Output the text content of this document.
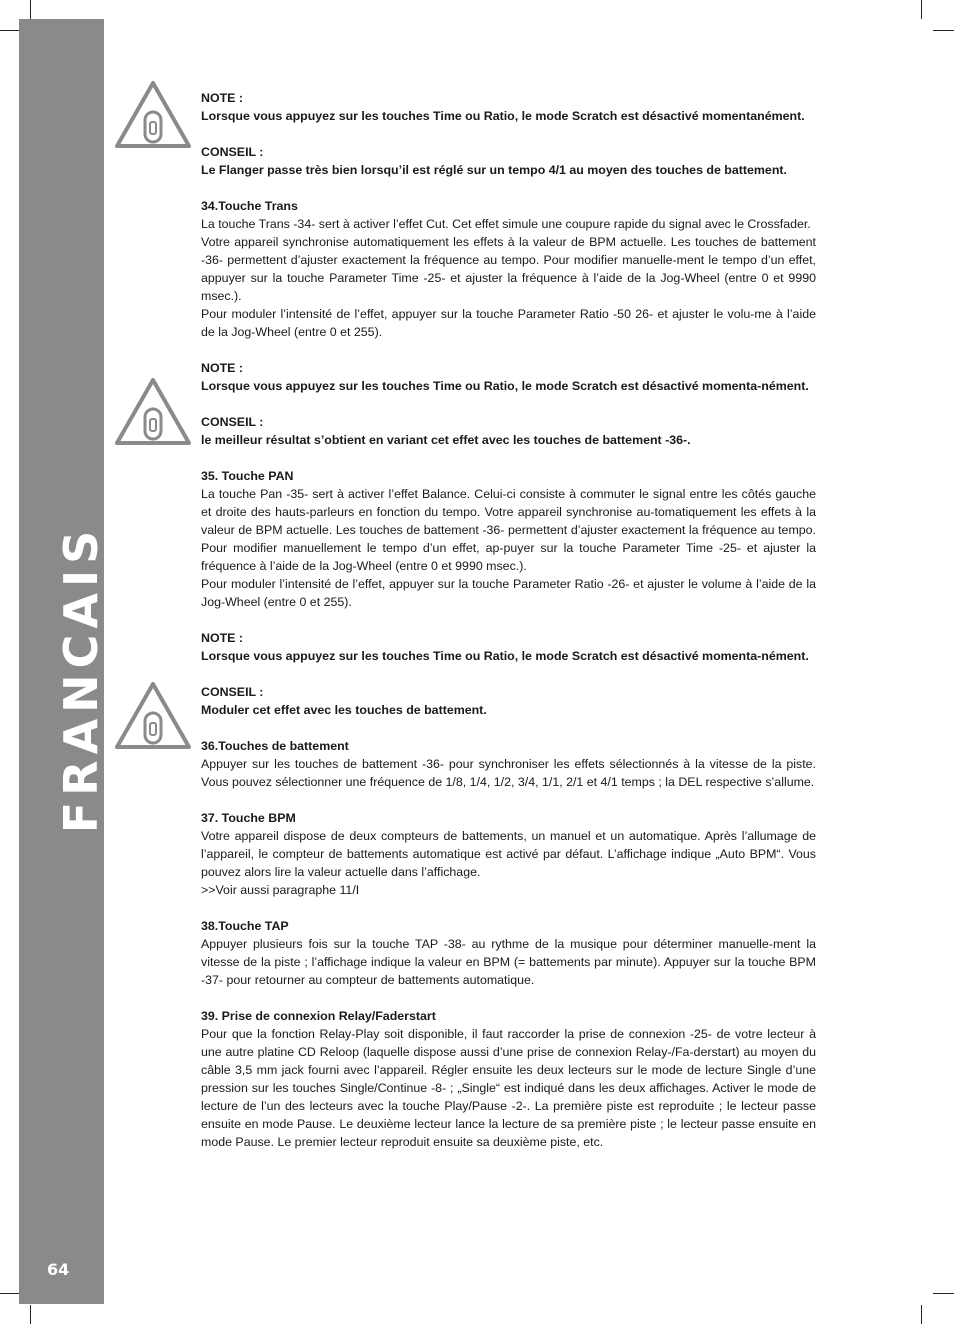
FRANCAIS
64

NOTE :

Lorsque vous appuyez sur les touches Time ou Ratio, le mode Scratch est désactivé momentanément.

CONSEIL :

Le Flanger passe très bien lorsqu’il est réglé sur un tempo 4/1 au moyen des touches de battement.

34.Touche Trans

La touche Trans -34- sert à activer l’effet Cut. Cet effet simule une coupure rapide du signal avec le Crossfader.

Votre appareil synchronise automatiquement les effets à la valeur de BPM actuelle. Les touches de battement -36- permettent d’ajuster exactement la fréquence au tempo. Pour modifier manuelle-ment le tempo d’un effet, appuyer sur la touche Parameter Time -25- et ajuster la fréquence à l’aide de la Jog-Wheel (entre 0 et 9990 msec.).

Pour moduler l’intensité de l’effet, appuyer sur la touche Parameter Ratio -50 26- et ajuster le volu-me à l’aide de la Jog-Wheel (entre 0 et 255).

NOTE :

Lorsque vous appuyez sur les touches Time ou Ratio, le mode Scratch est désactivé momenta-nément.

CONSEIL :

le meilleur résultat s’obtient en variant cet effet avec les touches de battement -36-.

35. Touche PAN

La touche Pan -35- sert à activer l’effet Balance. Celui-ci consiste à commuter le signal entre les côtés gauche et droite des hauts-parleurs en fonction du tempo. Votre appareil synchronise au-tomatiquement les effets à la valeur de BPM actuelle. Les touches de battement -36- permettent d’ajuster exactement la fréquence au tempo. Pour modifier manuellement le tempo d’un effet, ap-puyer sur la touche Parameter Time -25- et ajuster la fréquence à l’aide de la Jog-Wheel (entre 0 et 9990 msec.).

Pour moduler l’intensité de l’effet, appuyer sur la touche Parameter Ratio -26- et ajuster le volume à l’aide de la Jog-Wheel (entre 0 et 255).

NOTE :

Lorsque vous appuyez sur les touches Time ou Ratio, le mode Scratch est désactivé momenta-nément.

CONSEIL :

Moduler cet effet avec les touches de battement.

36.Touches de battement

Appuyer sur les touches de battement -36- pour synchroniser les effets sélectionnés à la vitesse de la piste. Vous pouvez sélectionner une fréquence de 1/8, 1/4, 1/2, 3/4, 1/1, 2/1 et 4/1 temps ; la DEL respective s’allume.

37. Touche BPM

Votre appareil dispose de deux compteurs de battements, un manuel et un automatique. Après l’allumage de l’appareil, le compteur de battements automatique est activé par défaut. L’affichage indique „Auto BPM“. Vous pouvez alors lire la valeur actuelle dans l’affichage.

>>Voir aussi paragraphe 11/I

38.Touche TAP

Appuyer plusieurs fois sur la touche TAP -38- au rythme de la musique pour déterminer manuelle-ment la vitesse de la piste ; l’affichage indique la valeur en BPM (= battements par minute). Appuyer sur la touche BPM -37- pour retourner au compteur de battements automatique.

39. Prise de connexion Relay/Faderstart

Pour que la fonction Relay-Play soit disponible, il faut raccorder la prise de connexion -25- de votre lecteur à une autre platine CD Reloop (laquelle dispose aussi d’une prise de connexion Relay-/Fa-derstart) au moyen du câble 3,5 mm jack fourni avec l’appareil. Régler ensuite les deux lecteurs sur le mode de lecture Single d’une pression sur les touches Single/Continue -8- ; „Single“ est indiqué dans les deux affichages. Activer le mode de lecture de l’un des lecteurs avec la touche Play/Pause -2-. La première piste est reproduite ; le lecteur passe ensuite en mode Pause. Le deuxième lecteur lance la lecture de sa première piste ; le lecteur passe ensuite en mode Pause. Le premier lecteur reproduit ensuite sa deuxième piste, etc.
